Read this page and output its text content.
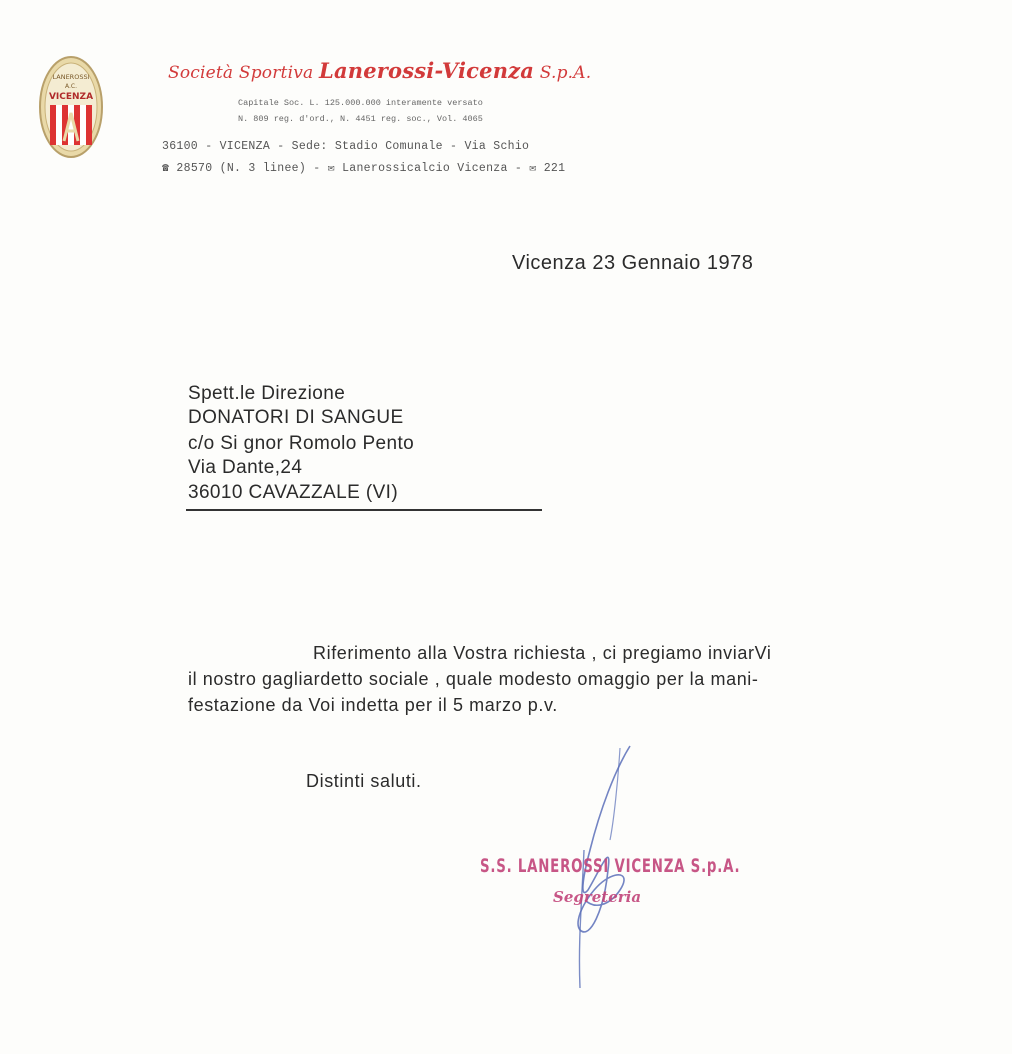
LANEROSSI
A.C.
VICENZA
Società Sportiva Lanerossi-Vicenza S.p.A.
Capitale Soc. L. 125.000.000 interamente versato
N. 809 reg. d'ord., N. 4451 reg. soc., Vol. 4065
36100 - VICENZA - Sede: Stadio Comunale - Via Schio
☎ 28570 (N. 3 linee) - ✉ Lanerossicalcio Vicenza - ✉ 221
Vicenza 23 Gennaio 1978
Spett.le Direzione
DONATORI DI SANGUE
c/o Si gnor Romolo Pento
Via Dante,24
36010 CAVAZZALE (VI)
Riferimento alla Vostra richiesta , ci pregiamo inviarVi
il nostro gagliardetto sociale , quale modesto omaggio per la mani-
festazione da Voi indetta per il 5 marzo p.v.
Distinti saluti.
S.S. LANEROSSI VICENZA S.p.A.
Segreteria
